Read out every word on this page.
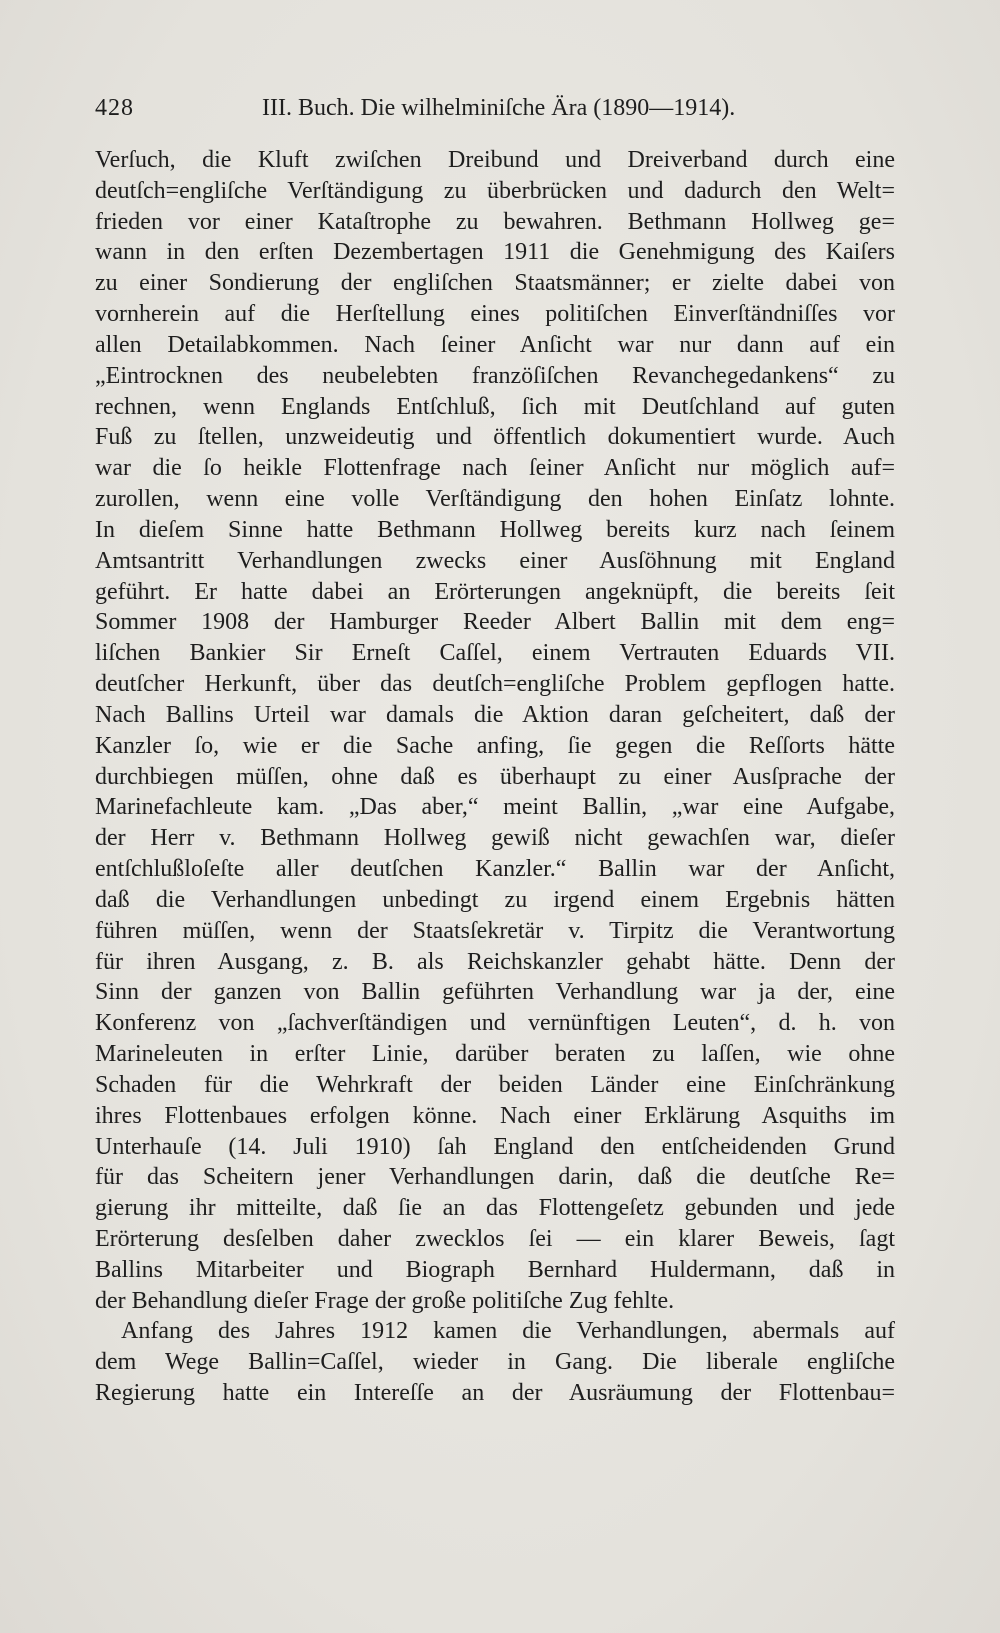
428	III. Buch. Die wilhelminiſche Ära (1890—1914).
Verſuch, die Kluft zwiſchen Dreibund und Dreiverband durch eine
deutſch=engliſche Verſtändigung zu überbrücken und dadurch den Welt=
frieden vor einer Kataſtrophe zu bewahren. Bethmann Hollweg ge=
wann in den erſten Dezembertagen 1911 die Genehmigung des Kaiſers
zu einer Sondierung der engliſchen Staatsmänner; er zielte dabei von
vornherein auf die Herſtellung eines politiſchen Einverſtändniſſes vor
allen Detailabkommen. Nach ſeiner Anſicht war nur dann auf ein
„Eintrocknen des neubelebten franzöſiſchen Revanchegedankens“ zu
rechnen, wenn Englands Entſchluß, ſich mit Deutſchland auf guten
Fuß zu ſtellen, unzweideutig und öffentlich dokumentiert wurde. Auch
war die ſo heikle Flottenfrage nach ſeiner Anſicht nur möglich auf=
zurollen, wenn eine volle Verſtändigung den hohen Einſatz lohnte.
In dieſem Sinne hatte Bethmann Hollweg bereits kurz nach ſeinem
Amtsantritt Verhandlungen zwecks einer Ausſöhnung mit England
geführt. Er hatte dabei an Erörterungen angeknüpft, die bereits ſeit
Sommer 1908 der Hamburger Reeder Albert Ballin mit dem eng=
liſchen Bankier Sir Erneſt Caſſel, einem Vertrauten Eduards VII.
deutſcher Herkunft, über das deutſch=engliſche Problem gepflogen hatte.
Nach Ballins Urteil war damals die Aktion daran geſcheitert, daß der
Kanzler ſo, wie er die Sache anfing, ſie gegen die Reſſorts hätte
durchbiegen müſſen, ohne daß es überhaupt zu einer Ausſprache der
Marinefachleute kam. „Das aber,“ meint Ballin, „war eine Aufgabe,
der Herr v. Bethmann Hollweg gewiß nicht gewachſen war, dieſer
entſchlußloſeſte aller deutſchen Kanzler.“ Ballin war der Anſicht,
daß die Verhandlungen unbedingt zu irgend einem Ergebnis hätten
führen müſſen, wenn der Staatsſekretär v. Tirpitz die Verantwortung
für ihren Ausgang, z. B. als Reichskanzler gehabt hätte. Denn der
Sinn der ganzen von Ballin geführten Verhandlung war ja der, eine
Konferenz von „ſachverſtändigen und vernünftigen Leuten“, d. h. von
Marineleuten in erſter Linie, darüber beraten zu laſſen, wie ohne
Schaden für die Wehrkraft der beiden Länder eine Einſchränkung
ihres Flottenbaues erfolgen könne. Nach einer Erklärung Asquiths im
Unterhauſe (14. Juli 1910) ſah England den entſcheidenden Grund
für das Scheitern jener Verhandlungen darin, daß die deutſche Re=
gierung ihr mitteilte, daß ſie an das Flottengeſetz gebunden und jede
Erörterung desſelben daher zwecklos ſei — ein klarer Beweis, ſagt
Ballins Mitarbeiter und Biograph Bernhard Huldermann, daß in
der Behandlung dieſer Frage der große politiſche Zug fehlte.
Anfang des Jahres 1912 kamen die Verhandlungen, abermals auf
dem Wege Ballin=Caſſel, wieder in Gang. Die liberale engliſche
Regierung hatte ein Intereſſe an der Ausräumung der Flottenbau=
